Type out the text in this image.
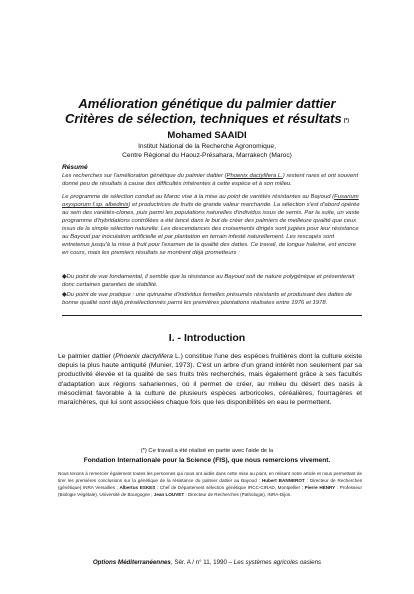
Amélioration génétique du palmier dattier
Critères de sélection, techniques et résultats (*)
Mohamed SAAIDI
Institut National de la Recherche Agronomique,
Centre Régional du Haouz-Présahara, Marrakech (Maroc)
Résumé
Les recherches sur l'amélioration génétique du palmier dattier (Phoenix dactylifera L.) restent rares et ont souvent donné peu de résultats à cause des difficultés inhérentes à cette espèce et à son milieu.
Le programme de sélection conduit au Maroc vise à la mise au point de variétés résistantes au Bayoud (Fusarium oxysporum f.sp. albedinis) et productrices de fruits de grande valeur marchande. La sélection s'est d'abord opérée au sein des variétés-clones, puis parmi les populations naturelles d'individus issus de semis. Par la suite, un vaste programme d'hybridations contrôlées a été lancé dans le but de créer des palmiers de meilleure qualité que ceux issus de la simple sélection naturelle. Les descendances des croisements dirigés sont jugées pour leur résistance au Bayoud par inoculation artificielle et par plantation en terrain infesté naturellement. Les rescapés sont entretenus jusqu'à la mise à fruit pour l'examen de la qualité des dattes. Ce travail, de longue haleine, est encore en cours, mais les premiers résultats se montrent déjà prometteurs :
◆Du point de vue fondamental, il semble que la résistance au Bayoud soit de nature polygénique et présenterait donc certaines garanties de stabilité.
◆Du point de vue pratique : une quinzaine d'individus femelles présumés résistants et produisant des dattes de bonne qualité sont déjà présélectionnés parmi les premières plantations réalisées entre 1976 et 1978.
I. - Introduction
Le palmier dattier (Phoenix dactylifera L.) constitue l'une des espèces fruitières dont la culture existe depuis la plus haute antiquité (Munier, 1973). C'est un arbre d'un grand intérêt non seulement par sa productivité élevée et la qualité de ses fruits très recherchés, mais également grâce à ses facultés d'adaptation aux régions sahariennes, où il permet de créer, au milieu du désert des oasis à mésoclimat favorable à la culture de plusieurs espèces arboricoles, céréalières, fourragères et maraîchères, qui lui sont associées chaque fois que les disponibilités en eau le permettent.
(*) Ce travail a été réalisé en partie avec l'aide de la
Fondation Internationale pour la Science (FIS), que nous remercions vivement.
Nous tenons à remercier également toutes les personnes qui nous ont aidés dans cette mise au point, en relisant notre article et nous permettant de tirer les premières conclusions sur la génétique de la résistance du palmier dattier au Bayoud : Hubert BANNEROT : Directeur de Recherches (génétique) INRA Versailles ; Albertus ESKES : Chef de Département sélection génétique IRCC-CIRAD, Montpellier ; Pierre HENRY : Professeur (Biologie Végétale), Université de Bourgogne ; Jean LOUVET : Directeur de Recherches (Pathologie), INRA-Dijon.
Options Méditerranéennes, Sér. A / n° 11, 1990 – Les systèmes agricoles oasiens
